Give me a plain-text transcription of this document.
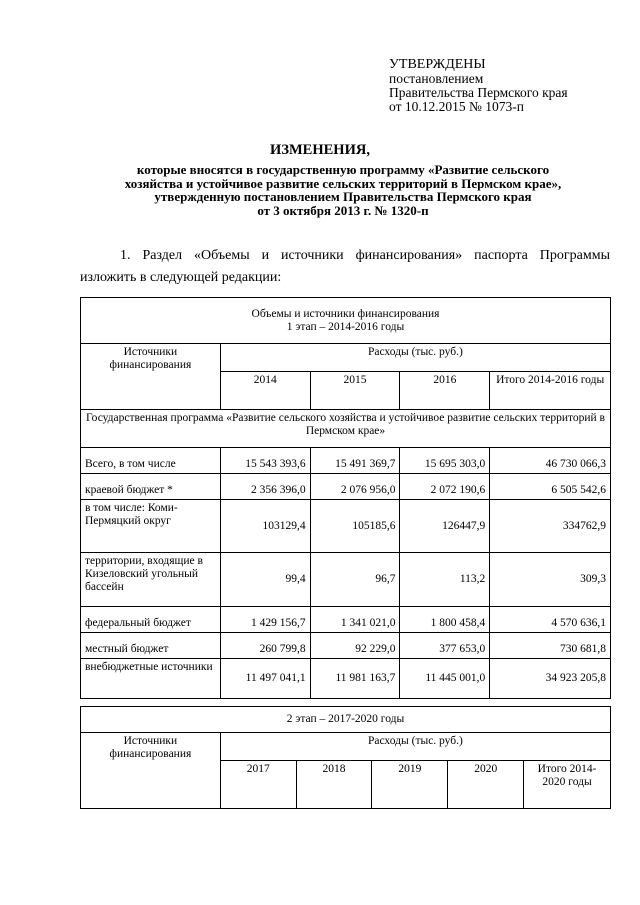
УТВЕРЖДЕНЫ
постановлением
Правительства Пермского края
от 10.12.2015 № 1073-п
ИЗМЕНЕНИЯ,
которые вносятся в государственную программу «Развитие сельского
хозяйства и устойчивое развитие сельских территорий в Пермском крае»,
утвержденную постановлением Правительства Пермского края
от 3 октября 2013 г. № 1320-п
1. Раздел «Объемы и источники финансирования» паспорта Программы изложить в следующей редакции:
Объемы и источники финансирования
1 этап – 2014-2016 годы				

Источники финансирования	Расходы (тыс. руб.)			
	2014	2015	2016	Итого 2014-2016 годы
Государственная программа «Развитие сельского хозяйства и устойчивое развитие сельских территорий в Пермском крае»				
Всего, в том числе	15 543 393,6	15 491 369,7	15 695 303,0	46 730 066,3
краевой бюджет *	2 356 396,0	2 076 956,0	2 072 190,6	6 505 542,6
в том числе: Коми-Пермяцкий округ	103129,4	105185,6	126447,9	334762,9
территории, входящие в Кизеловский угольный бассейн	99,4	96,7	113,2	309,3
федеральный бюджет	1 429 156,7	1 341 021,0	1 800 458,4	4 570 636,1
местный бюджет	260 799,8	92 229,0	377 653,0	730 681,8
внебюджетные источники	11 497 041,1	11 981 163,7	11 445 001,0	34 923 205,8
2 этап – 2017-2020 годы					
Источники финансирования	Расходы (тыс. руб.)				
	2017	2018	2019	2020	Итого 2014-2020 годы
